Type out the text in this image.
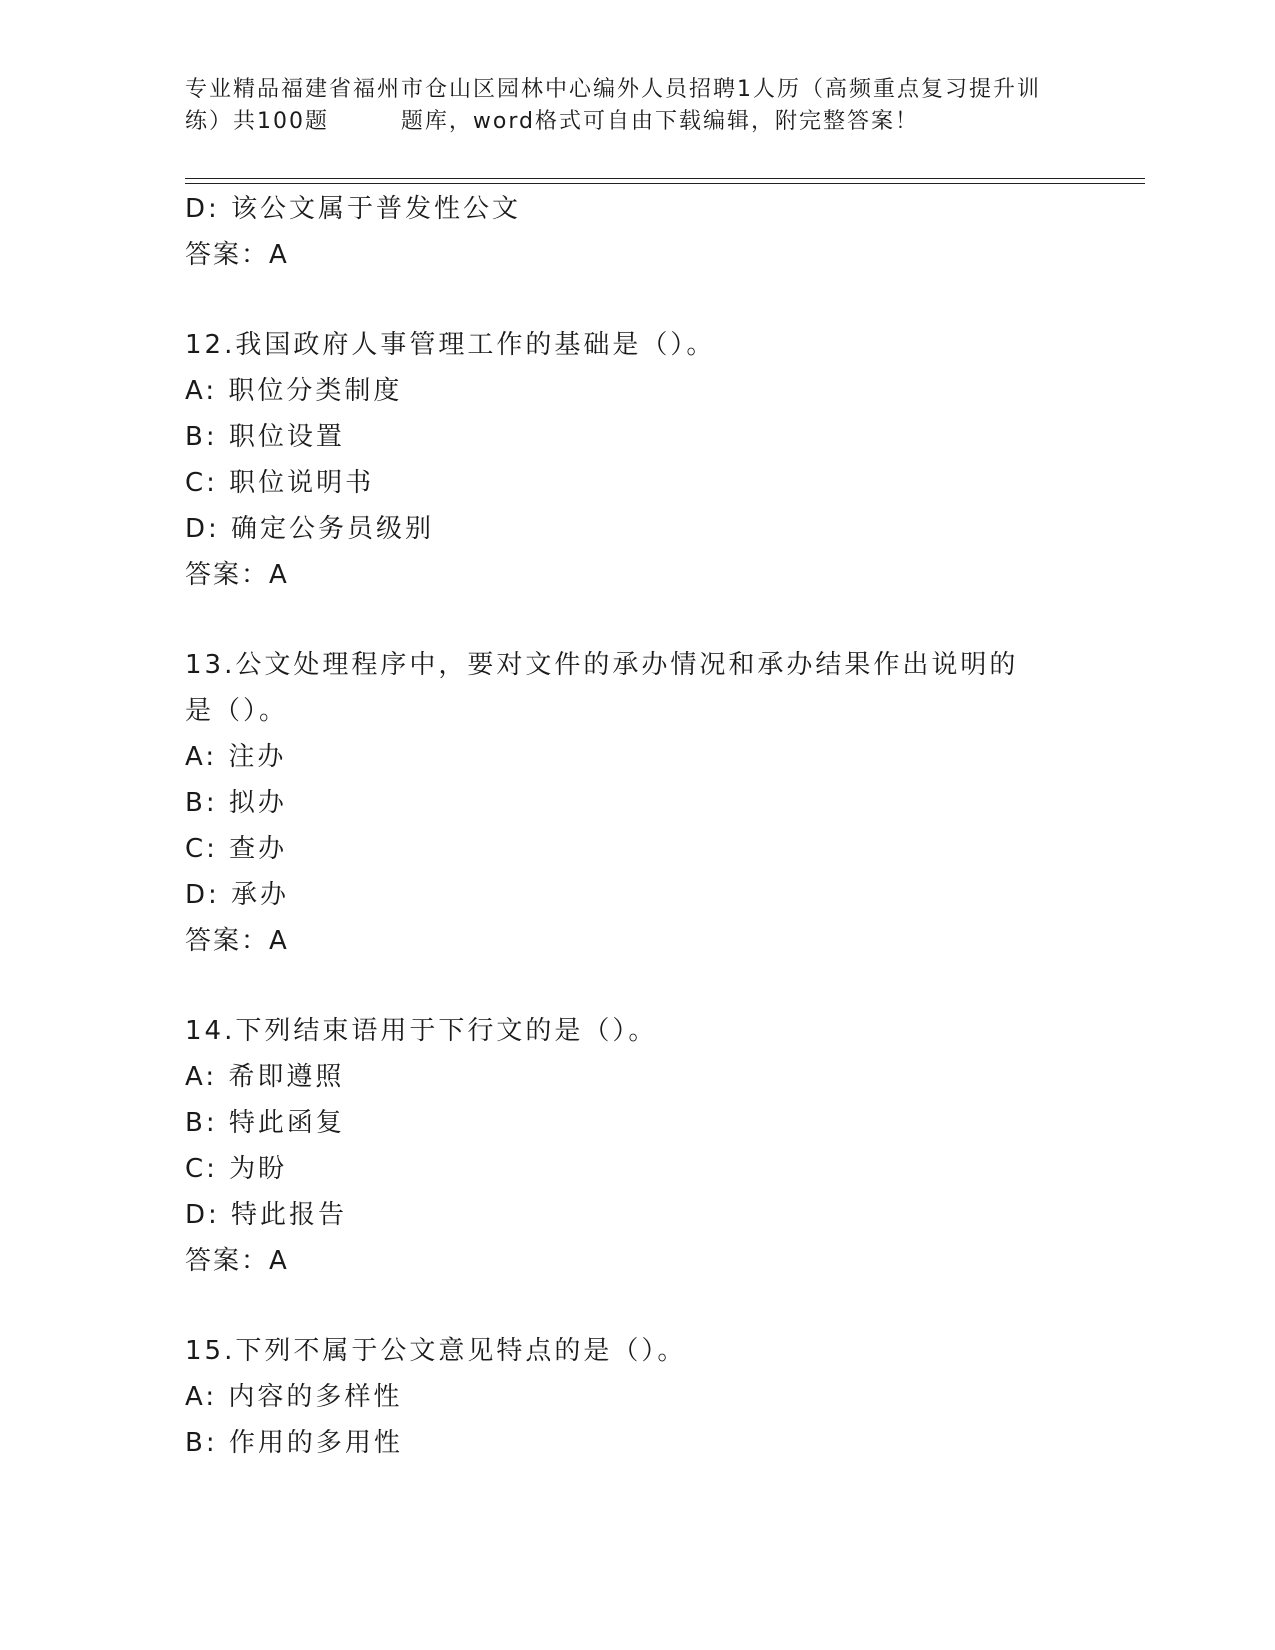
专业精品福建省福州市仓山区园林中心编外人员招聘1人历（高频重点复习提升训
练）共100题        题库，word格式可自由下载编辑，附完整答案！
D: 该公文属于普发性公文
答案：A
12.我国政府人事管理工作的基础是（）。
A: 职位分类制度
B: 职位设置
C: 职位说明书
D: 确定公务员级别
答案：A
13.公文处理程序中，要对文件的承办情况和承办结果作出说明的是（）。
A: 注办
B: 拟办
C: 查办
D: 承办
答案：A
14.下列结束语用于下行文的是（）。
A: 希即遵照
B: 特此函复
C: 为盼
D: 特此报告
答案：A
15.下列不属于公文意见特点的是（）。
A: 内容的多样性
B: 作用的多用性
